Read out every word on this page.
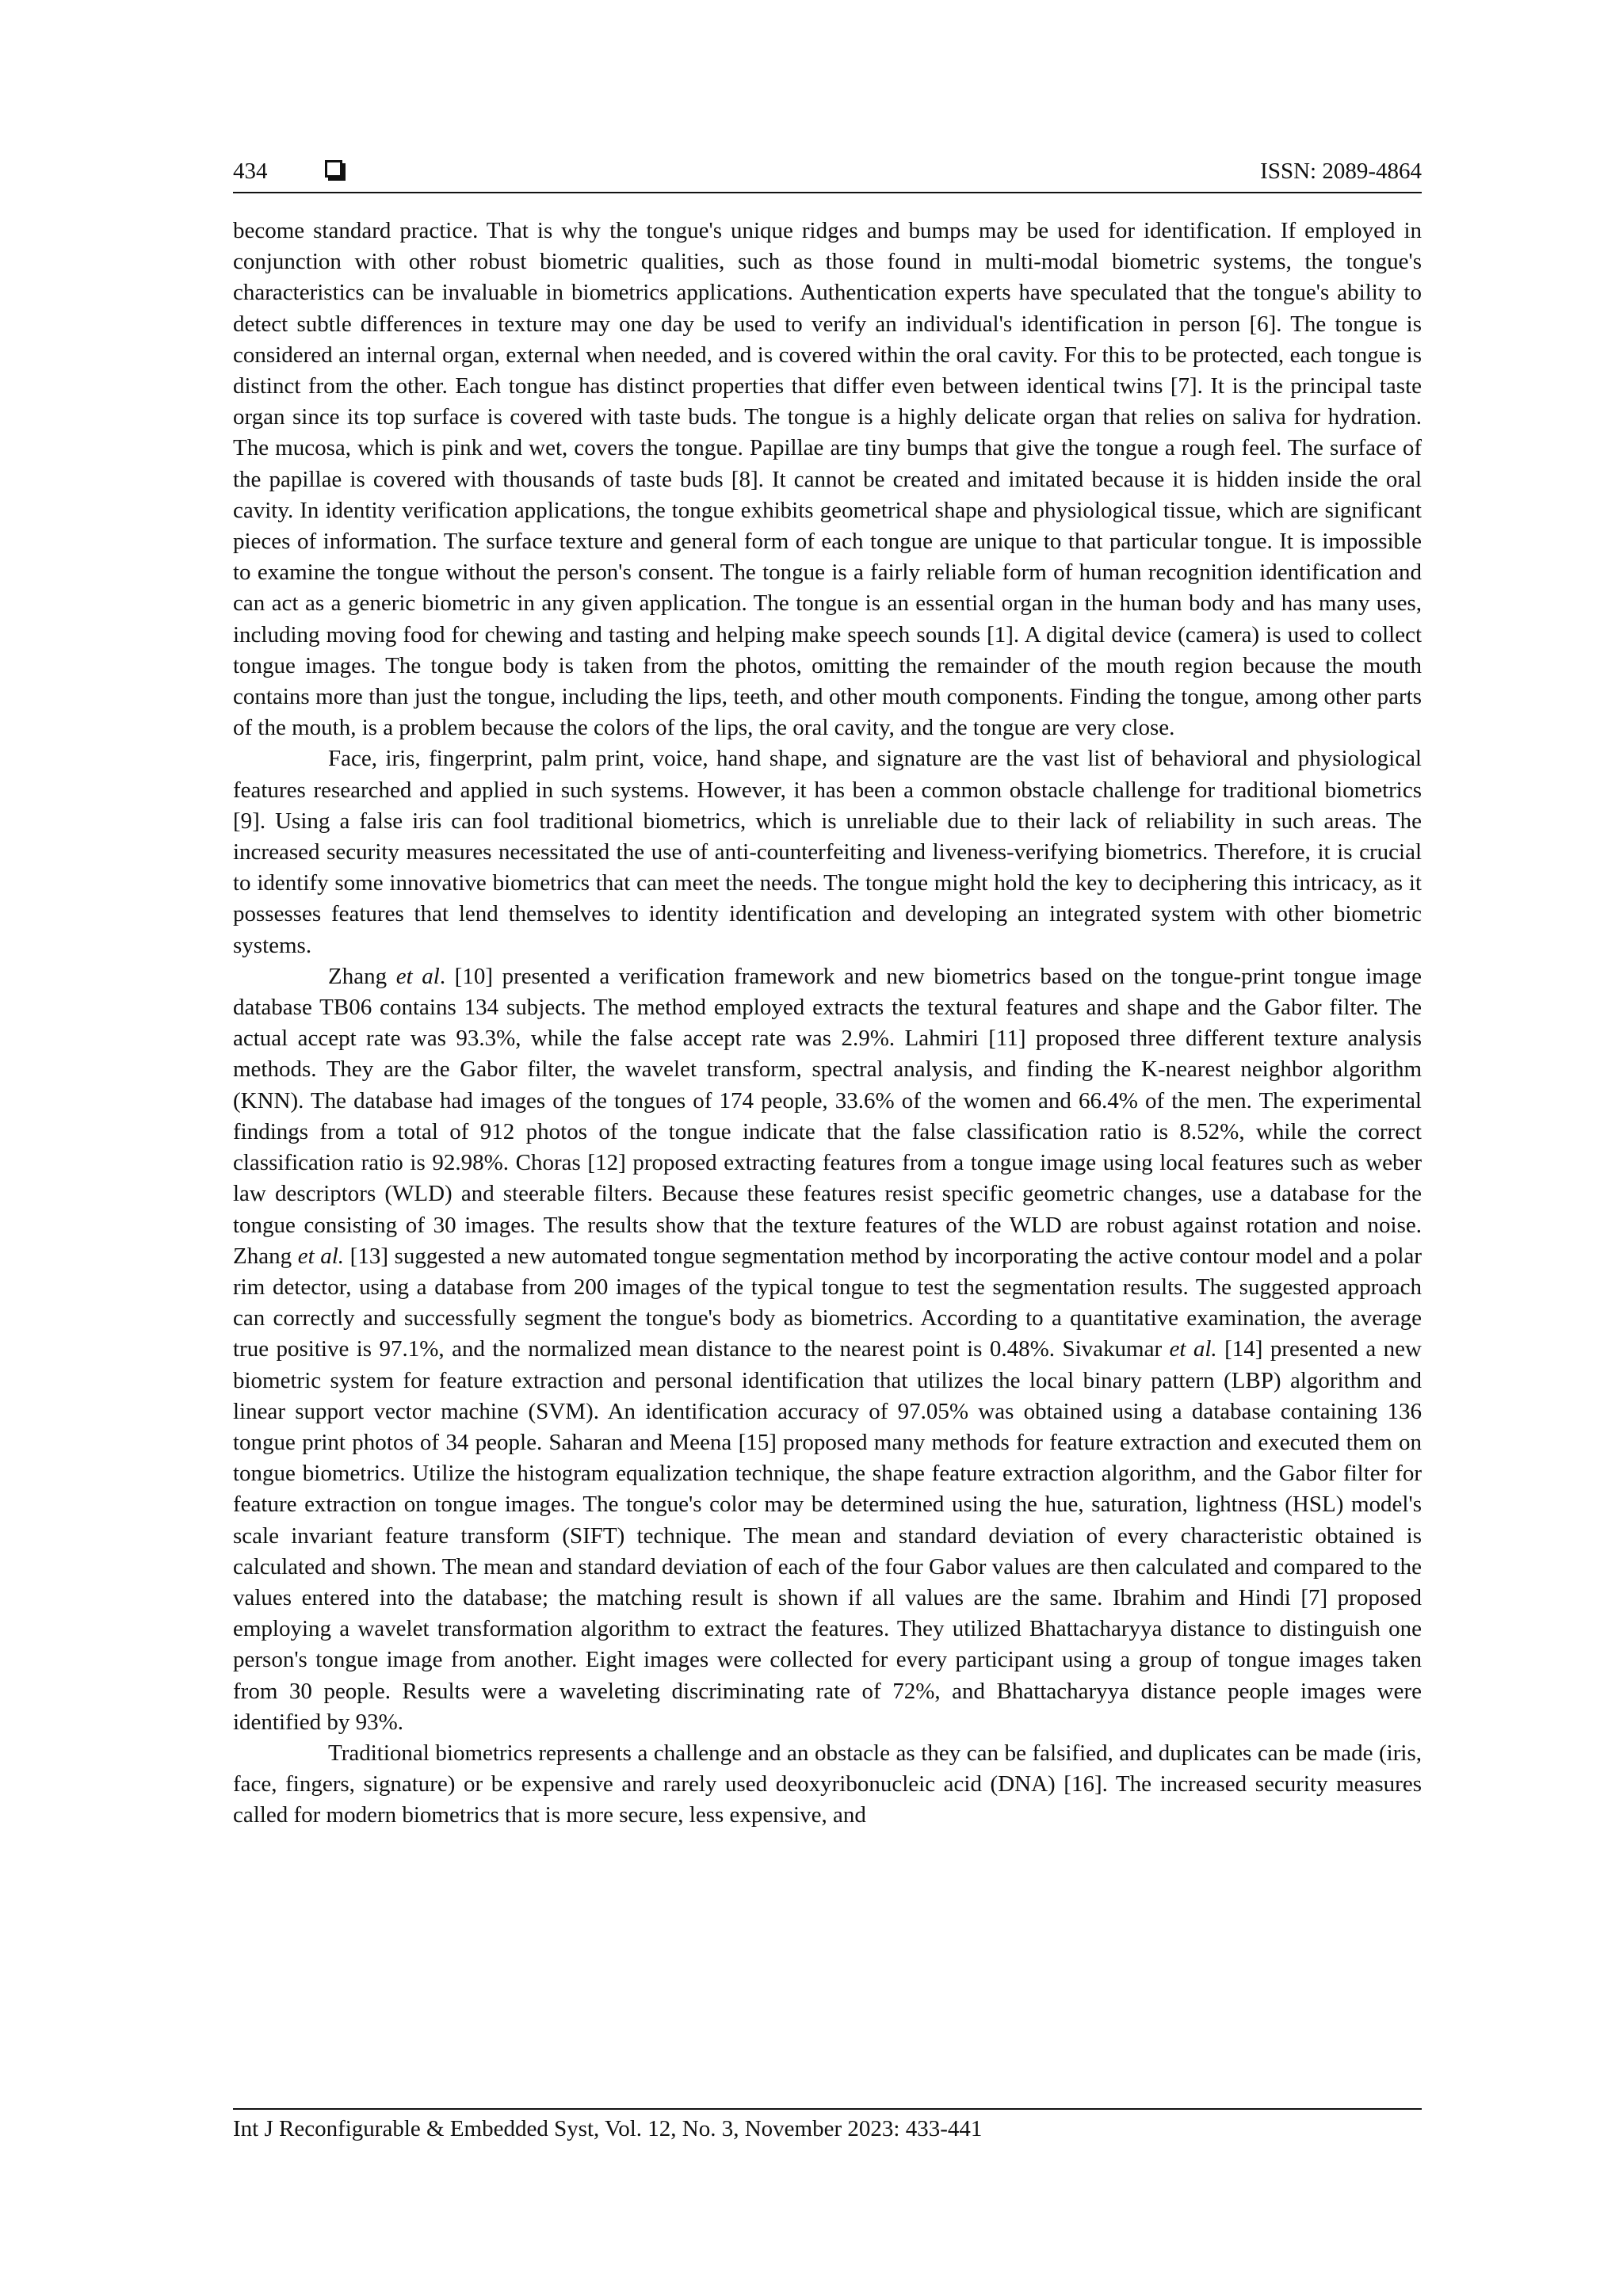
434	ISSN: 2089-4864

become standard practice. That is why the tongue's unique ridges and bumps may be used for identification. If employed in conjunction with other robust biometric qualities, such as those found in multi-modal biometric systems, the tongue's characteristics can be invaluable in biometrics applications. Authentication experts have speculated that the tongue's ability to detect subtle differences in texture may one day be used to verify an individual's identification in person [6]. The tongue is considered an internal organ, external when needed, and is covered within the oral cavity. For this to be protected, each tongue is distinct from the other. Each tongue has distinct properties that differ even between identical twins [7]. It is the principal taste organ since its top surface is covered with taste buds. The tongue is a highly delicate organ that relies on saliva for hydration. The mucosa, which is pink and wet, covers the tongue. Papillae are tiny bumps that give the tongue a rough feel. The surface of the papillae is covered with thousands of taste buds [8]. It cannot be created and imitated because it is hidden inside the oral cavity. In identity verification applications, the tongue exhibits geometrical shape and physiological tissue, which are significant pieces of information. The surface texture and general form of each tongue are unique to that particular tongue. It is impossible to examine the tongue without the person's consent. The tongue is a fairly reliable form of human recognition identification and can act as a generic biometric in any given application. The tongue is an essential organ in the human body and has many uses, including moving food for chewing and tasting and helping make speech sounds [1]. A digital device (camera) is used to collect tongue images. The tongue body is taken from the photos, omitting the remainder of the mouth region because the mouth contains more than just the tongue, including the lips, teeth, and other mouth components. Finding the tongue, among other parts of the mouth, is a problem because the colors of the lips, the oral cavity, and the tongue are very close.

Face, iris, fingerprint, palm print, voice, hand shape, and signature are the vast list of behavioral and physiological features researched and applied in such systems. However, it has been a common obstacle challenge for traditional biometrics [9]. Using a false iris can fool traditional biometrics, which is unreliable due to their lack of reliability in such areas. The increased security measures necessitated the use of anti-counterfeiting and liveness-verifying biometrics. Therefore, it is crucial to identify some innovative biometrics that can meet the needs. The tongue might hold the key to deciphering this intricacy, as it possesses features that lend themselves to identity identification and developing an integrated system with other biometric systems.

Zhang et al. [10] presented a verification framework and new biometrics based on the tongue-print tongue image database TB06 contains 134 subjects. The method employed extracts the textural features and shape and the Gabor filter. The actual accept rate was 93.3%, while the false accept rate was 2.9%. Lahmiri [11] proposed three different texture analysis methods. They are the Gabor filter, the wavelet transform, spectral analysis, and finding the K-nearest neighbor algorithm (KNN). The database had images of the tongues of 174 people, 33.6% of the women and 66.4% of the men. The experimental findings from a total of 912 photos of the tongue indicate that the false classification ratio is 8.52%, while the correct classification ratio is 92.98%. Choras [12] proposed extracting features from a tongue image using local features such as weber law descriptors (WLD) and steerable filters. Because these features resist specific geometric changes, use a database for the tongue consisting of 30 images. The results show that the texture features of the WLD are robust against rotation and noise. Zhang et al. [13] suggested a new automated tongue segmentation method by incorporating the active contour model and a polar rim detector, using a database from 200 images of the typical tongue to test the segmentation results. The suggested approach can correctly and successfully segment the tongue's body as biometrics. According to a quantitative examination, the average true positive is 97.1%, and the normalized mean distance to the nearest point is 0.48%. Sivakumar et al. [14] presented a new biometric system for feature extraction and personal identification that utilizes the local binary pattern (LBP) algorithm and linear support vector machine (SVM). An identification accuracy of 97.05% was obtained using a database containing 136 tongue print photos of 34 people. Saharan and Meena [15] proposed many methods for feature extraction and executed them on tongue biometrics. Utilize the histogram equalization technique, the shape feature extraction algorithm, and the Gabor filter for feature extraction on tongue images. The tongue's color may be determined using the hue, saturation, lightness (HSL) model's scale invariant feature transform (SIFT) technique. The mean and standard deviation of every characteristic obtained is calculated and shown. The mean and standard deviation of each of the four Gabor values are then calculated and compared to the values entered into the database; the matching result is shown if all values are the same. Ibrahim and Hindi [7] proposed employing a wavelet transformation algorithm to extract the features. They utilized Bhattacharyya distance to distinguish one person's tongue image from another. Eight images were collected for every participant using a group of tongue images taken from 30 people. Results were a waveleting discriminating rate of 72%, and Bhattacharyya distance people images were identified by 93%.

Traditional biometrics represents a challenge and an obstacle as they can be falsified, and duplicates can be made (iris, face, fingers, signature) or be expensive and rarely used deoxyribonucleic acid (DNA) [16]. The increased security measures called for modern biometrics that is more secure, less expensive, and

Int J Reconfigurable & Embedded Syst, Vol. 12, No. 3, November 2023: 433-441
